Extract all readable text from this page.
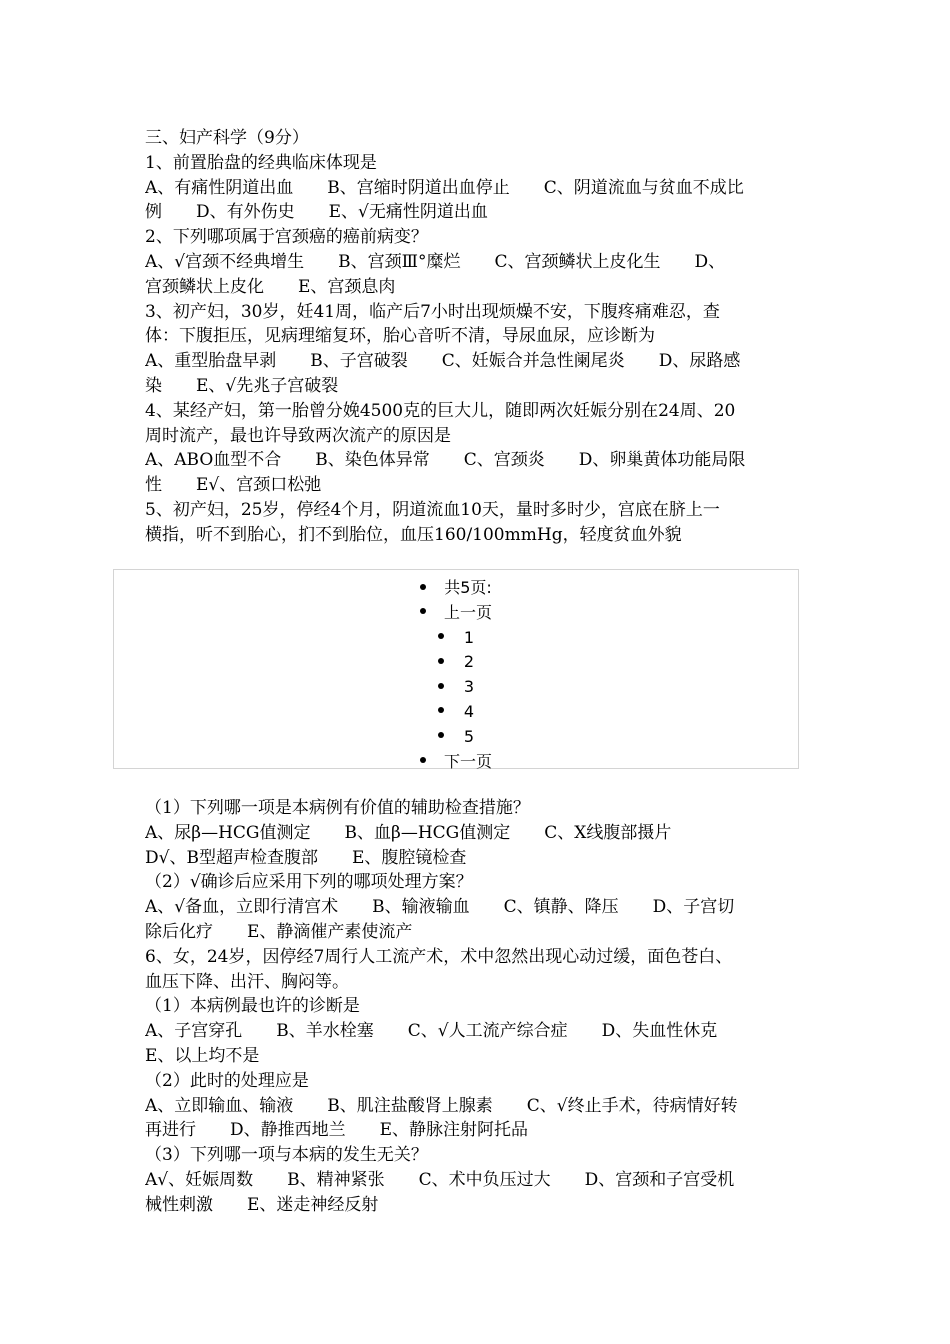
三、妇产科学（9分）
1、前置胎盘的经典临床体现是
A、有痛性阴道出血　　B、宫缩时阴道出血停止　　C、阴道流血与贫血不成比
例　　D、有外伤史　　E、√无痛性阴道出血
2、下列哪项属于宫颈癌的癌前病变？
A、√宫颈不经典增生　　B、宫颈Ⅲ°糜烂　　C、宫颈鳞状上皮化生　　D、
宫颈鳞状上皮化　　E、宫颈息肉
3、初产妇，30岁，妊41周，临产后7小时出现烦燥不安，下腹疼痛难忍，查
体：下腹拒压，见病理缩复环，胎心音听不清，导尿血尿，应诊断为
A、重型胎盘早剥　　B、子宫破裂　　C、妊娠合并急性阑尾炎　　D、尿路感
染　　E、√先兆子宫破裂
4、某经产妇，第一胎曾分娩4500克的巨大儿，随即两次妊娠分别在24周、20
周时流产，最也许导致两次流产的原因是
A、ABO血型不合　　B、染色体异常　　C、宫颈炎　　D、卵巢黄体功能局限
性　　E√、宫颈口松弛
5、初产妇，25岁，停经4个月，阴道流血10天，量时多时少，宫底在脐上一
横指，听不到胎心，扪不到胎位，血压160/100mmHg，轻度贫血外貌
共5页:
上一页
1
2
3
4
5
下一页
（1）下列哪一项是本病例有价值的辅助检查措施？
A、尿β—HCG值测定　　B、血β—HCG值测定　　C、X线腹部摄片
D√、B型超声检查腹部　　E、腹腔镜检查
（2）√确诊后应采用下列的哪项处理方案？
A、√备血，立即行清宫术　　B、输液输血　　C、镇静、降压　　D、子宫切
除后化疗　　E、静滴催产素使流产
6、女，24岁，因停经7周行人工流产术，术中忽然出现心动过缓，面色苍白、
血压下降、出汗、胸闷等。
（1）本病例最也许的诊断是
A、子宫穿孔　　B、羊水栓塞　　C、√人工流产综合症　　D、失血性休克
E、以上均不是
（2）此时的处理应是
A、立即输血、输液　　B、肌注盐酸肾上腺素　　C、√终止手术，待病情好转
再进行　　D、静推西地兰　　E、静脉注射阿托品
（3）下列哪一项与本病的发生无关？
A√、妊娠周数　　B、精神紧张　　C、术中负压过大　　D、宫颈和子宫受机
械性刺激　　E、迷走神经反射
